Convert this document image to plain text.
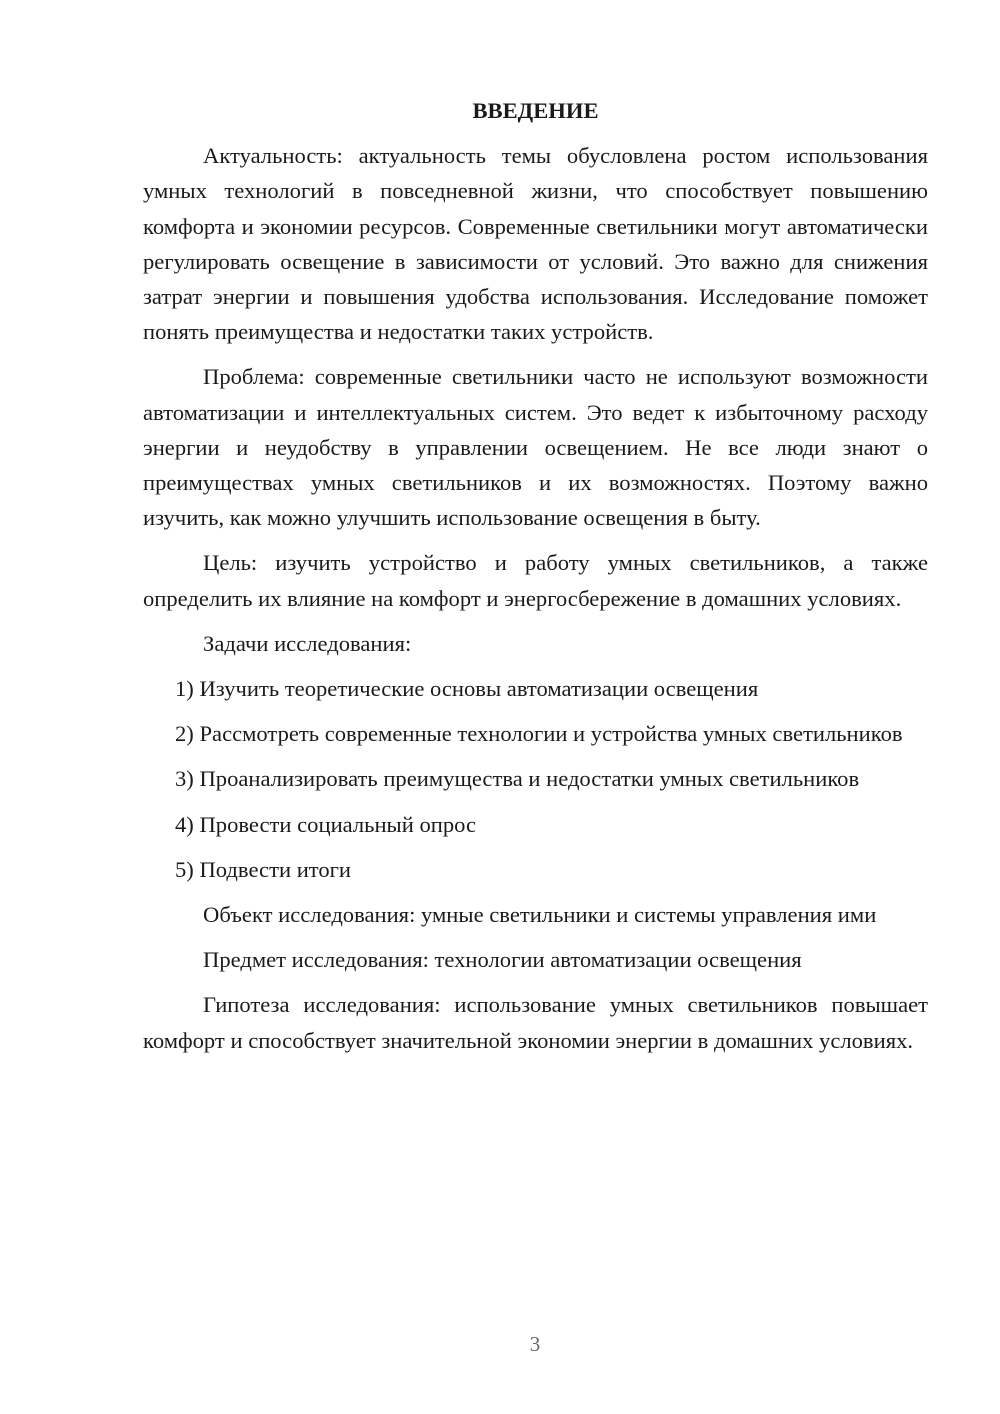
ВВЕДЕНИЕ

Актуальность: актуальность темы обусловлена ростом использования умных технологий в повседневной жизни, что способствует повышению комфорта и экономии ресурсов. Современные светильники могут автоматически регулировать освещение в зависимости от условий. Это важно для снижения затрат энергии и повышения удобства использования. Исследование поможет понять преимущества и недостатки таких устройств.

Проблема: современные светильники часто не используют возможности автоматизации и интеллектуальных систем. Это ведет к избыточному расходу энергии и неудобству в управлении освещением. Не все люди знают о преимуществах умных светильников и их возможностях. Поэтому важно изучить, как можно улучшить использование освещения в быту.

Цель: изучить устройство и работу умных светильников, а также определить их влияние на комфорт и энергосбережение в домашних условиях.

Задачи исследования:

1) Изучить теоретические основы автоматизации освещения

2) Рассмотреть современные технологии и устройства умных светильников

3) Проанализировать преимущества и недостатки умных светильников

4) Провести социальный опрос

5) Подвести итоги

Объект исследования: умные светильники и системы управления ими

Предмет исследования: технологии автоматизации освещения

Гипотеза исследования: использование умных светильников повышает комфорт и способствует значительной экономии энергии в домашних условиях.

3
